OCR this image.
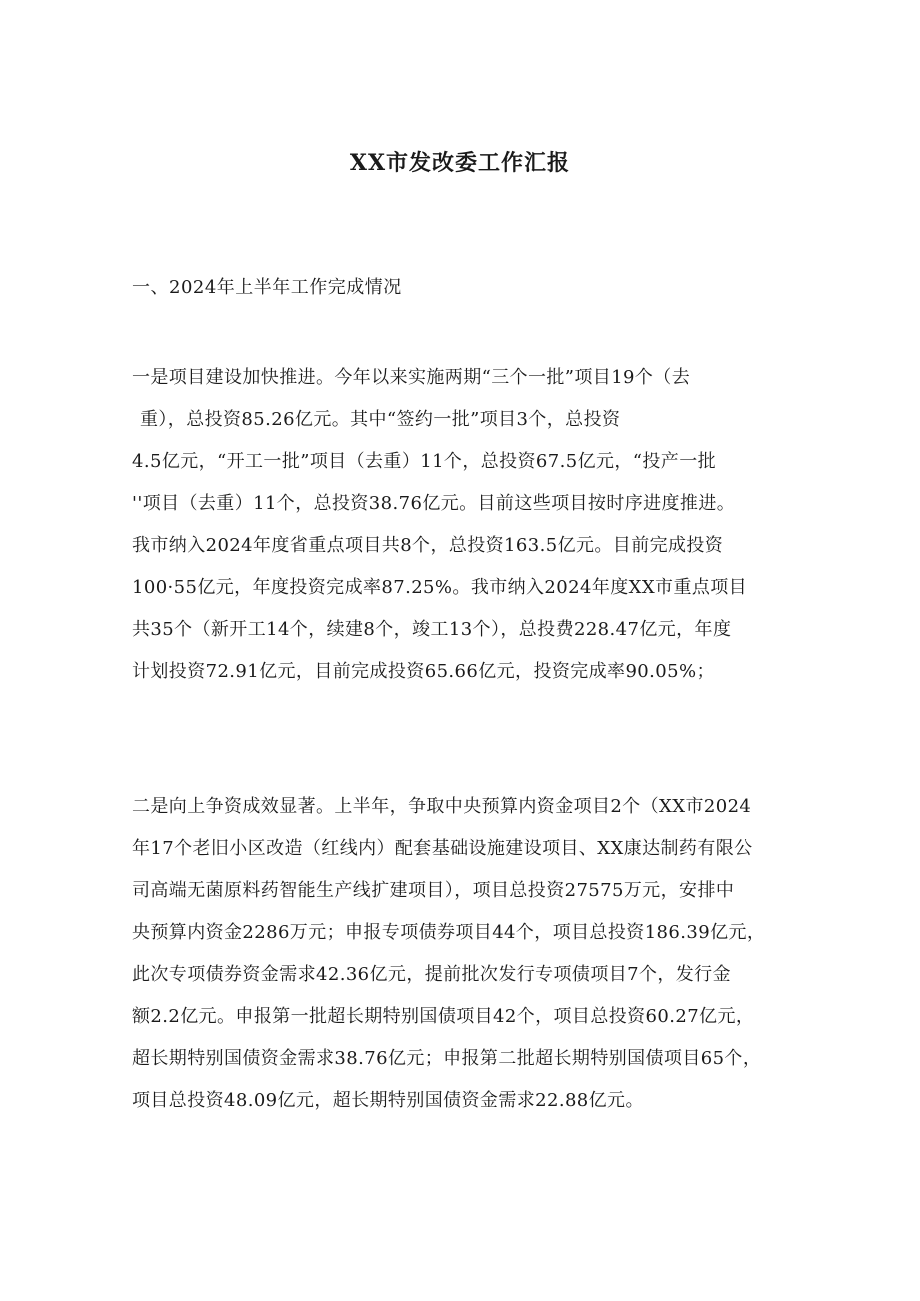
XX市发改委工作汇报
一、2024年上半年工作完成情况
一是项目建设加快推进。今年以来实施两期“三个一批”项目19个（去
重），总投资85.26亿元。其中“签约一批”项目3个，总投资
4.5亿元，“开工一批”项目（去重）11个，总投资67.5亿元，“投产一批
''项目（去重）11个，总投资38.76亿元。目前这些项目按时序进度推进。
我市纳入2024年度省重点项目共8个，总投资163.5亿元。目前完成投资
100·55亿元，年度投资完成率87.25%。我市纳入2024年度XX市重点项目
共35个（新开工14个，续建8个，竣工13个），总投费228.47亿元，年度
计划投资72.91亿元，目前完成投资65.66亿元，投资完成率90.05%；
二是向上争资成效显著。上半年，争取中央预算内资金项目2个（XX市2024
年17个老旧小区改造（红线内）配套基础设施建设项目、XX康达制药有限公
司高端无菌原料药智能生产线扩建项目），项目总投资27575万元，安排中
央预算内资金2286万元；申报专项债券项目44个，项目总投资186.39亿元，
此次专项债券资金需求42.36亿元，提前批次发行专项债项目7个，发行金
额2.2亿元。申报第一批超长期特别国债项目42个，项目总投资60.27亿元，
超长期特别国债资金需求38.76亿元；申报第二批超长期特别国债项目65个，
项目总投资48.09亿元，超长期特别国债资金需求22.88亿元。
